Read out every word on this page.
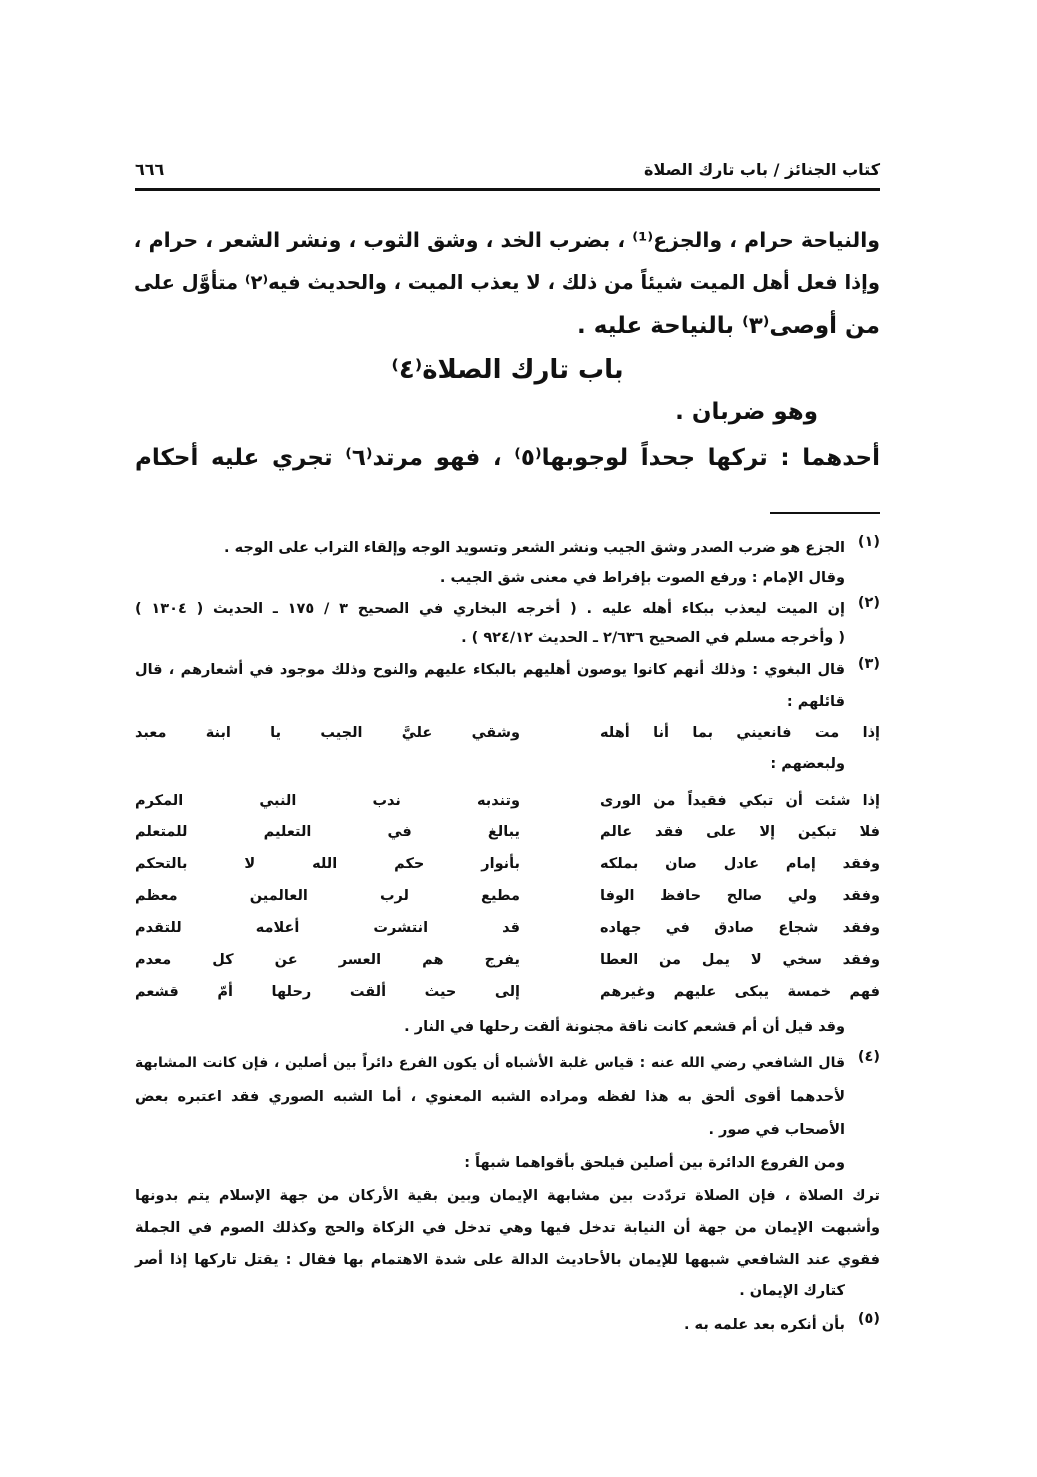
كتاب الجنائز / باب تارك الصلاة
٦٦٦
والنياحة حرام ، والجزع⁽¹⁾ ، بضرب الخد ، وشق الثوب ، ونشر الشعر ، حرام ،
وإذا فعل أهل الميت شيئاً من ذلك ، لا يعذب الميت ، والحديث فيه⁽٢⁾ متأوَّل على
من أوصى⁽٣⁾ بالنياحة عليه .
باب تارك الصلاة⁽٤⁾
وهو ضربان .
أحدهما : تركها جحداً لوجوبها⁽٥⁾ ، فهو مرتد⁽٦⁾ تجري عليه أحكام
(١)
الجزع هو ضرب الصدر وشق الجيب ونشر الشعر وتسويد الوجه وإلقاء التراب على الوجه .
وقال الإمام : ورفع الصوت بإفراط في معنى شق الجيب .
(٢)
إن الميت ليعذب ببكاء أهله عليه . ( أخرجه البخاري في الصحيح ٣ / ١٧٥ ـ الحديث ( ١٣٠٤ )
( وأخرجه مسلم في الصحيح ٢/٦٣٦ ـ الحديث ٩٢٤/١٢ ) .
(٣)
قال البغوي : وذلك أنهم كانوا يوصون أهليهم بالبكاء عليهم والنوح وذلك موجود في أشعارهم ، قال
قائلهم :
إذا مت فانعيني بما أنا أهله
وشقي عليَّ الجيب يا ابنة معبد
ولبعضهم :
إذا شئت أن تبكي فقيداً من الورى
وتندبه ندب النبي المكرم
فلا تبكين إلا على فقد عالم
يبالغ في التعليم للمتعلم
وفقد إمام عادل صان بملكه
بأنوار حكم الله لا بالتحكم
وفقد ولي صالح حافظ الوفا
مطيع لرب العالمين معظم
وفقد شجاع صادق في جهاده
قد انتشرت أعلامه للتقدم
وفقد سخي لا يمل من العطا
يفرج هم العسر عن كل معدم
فهم خمسة يبكى عليهم وغيرهم
إلى حيث ألقت رحلها أمّ قشعم
وقد قيل أن أم قشعم كانت ناقة مجنونة ألقت رحلها في النار .
(٤)
قال الشافعي رضي الله عنه : قياس غلبة الأشباه أن يكون الفرع دائراً بين أصلين ، فإن كانت المشابهة
لأحدهما أقوى ألحق به هذا لفظه ومراده الشبه المعنوي ، أما الشبه الصوري فقد اعتبره بعض
الأصحاب في صور .
ومن الفروع الدائرة بين أصلين فيلحق بأقواهما شبهاً :
ترك الصلاة ، فإن الصلاة تردّدت بين مشابهة الإيمان وبين بقية الأركان من جهة الإسلام يتم بدونها
وأشبهت الإيمان من جهة أن النيابة تدخل فيها وهي تدخل في الزكاة والحج وكذلك الصوم في الجملة
فقوي عند الشافعي شبهها للإيمان بالأحاديث الدالة على شدة الاهتمام بها فقال : يقتل تاركها إذا أصر
كتارك الإيمان .
(٥)
بأن أنكره بعد علمه به .
